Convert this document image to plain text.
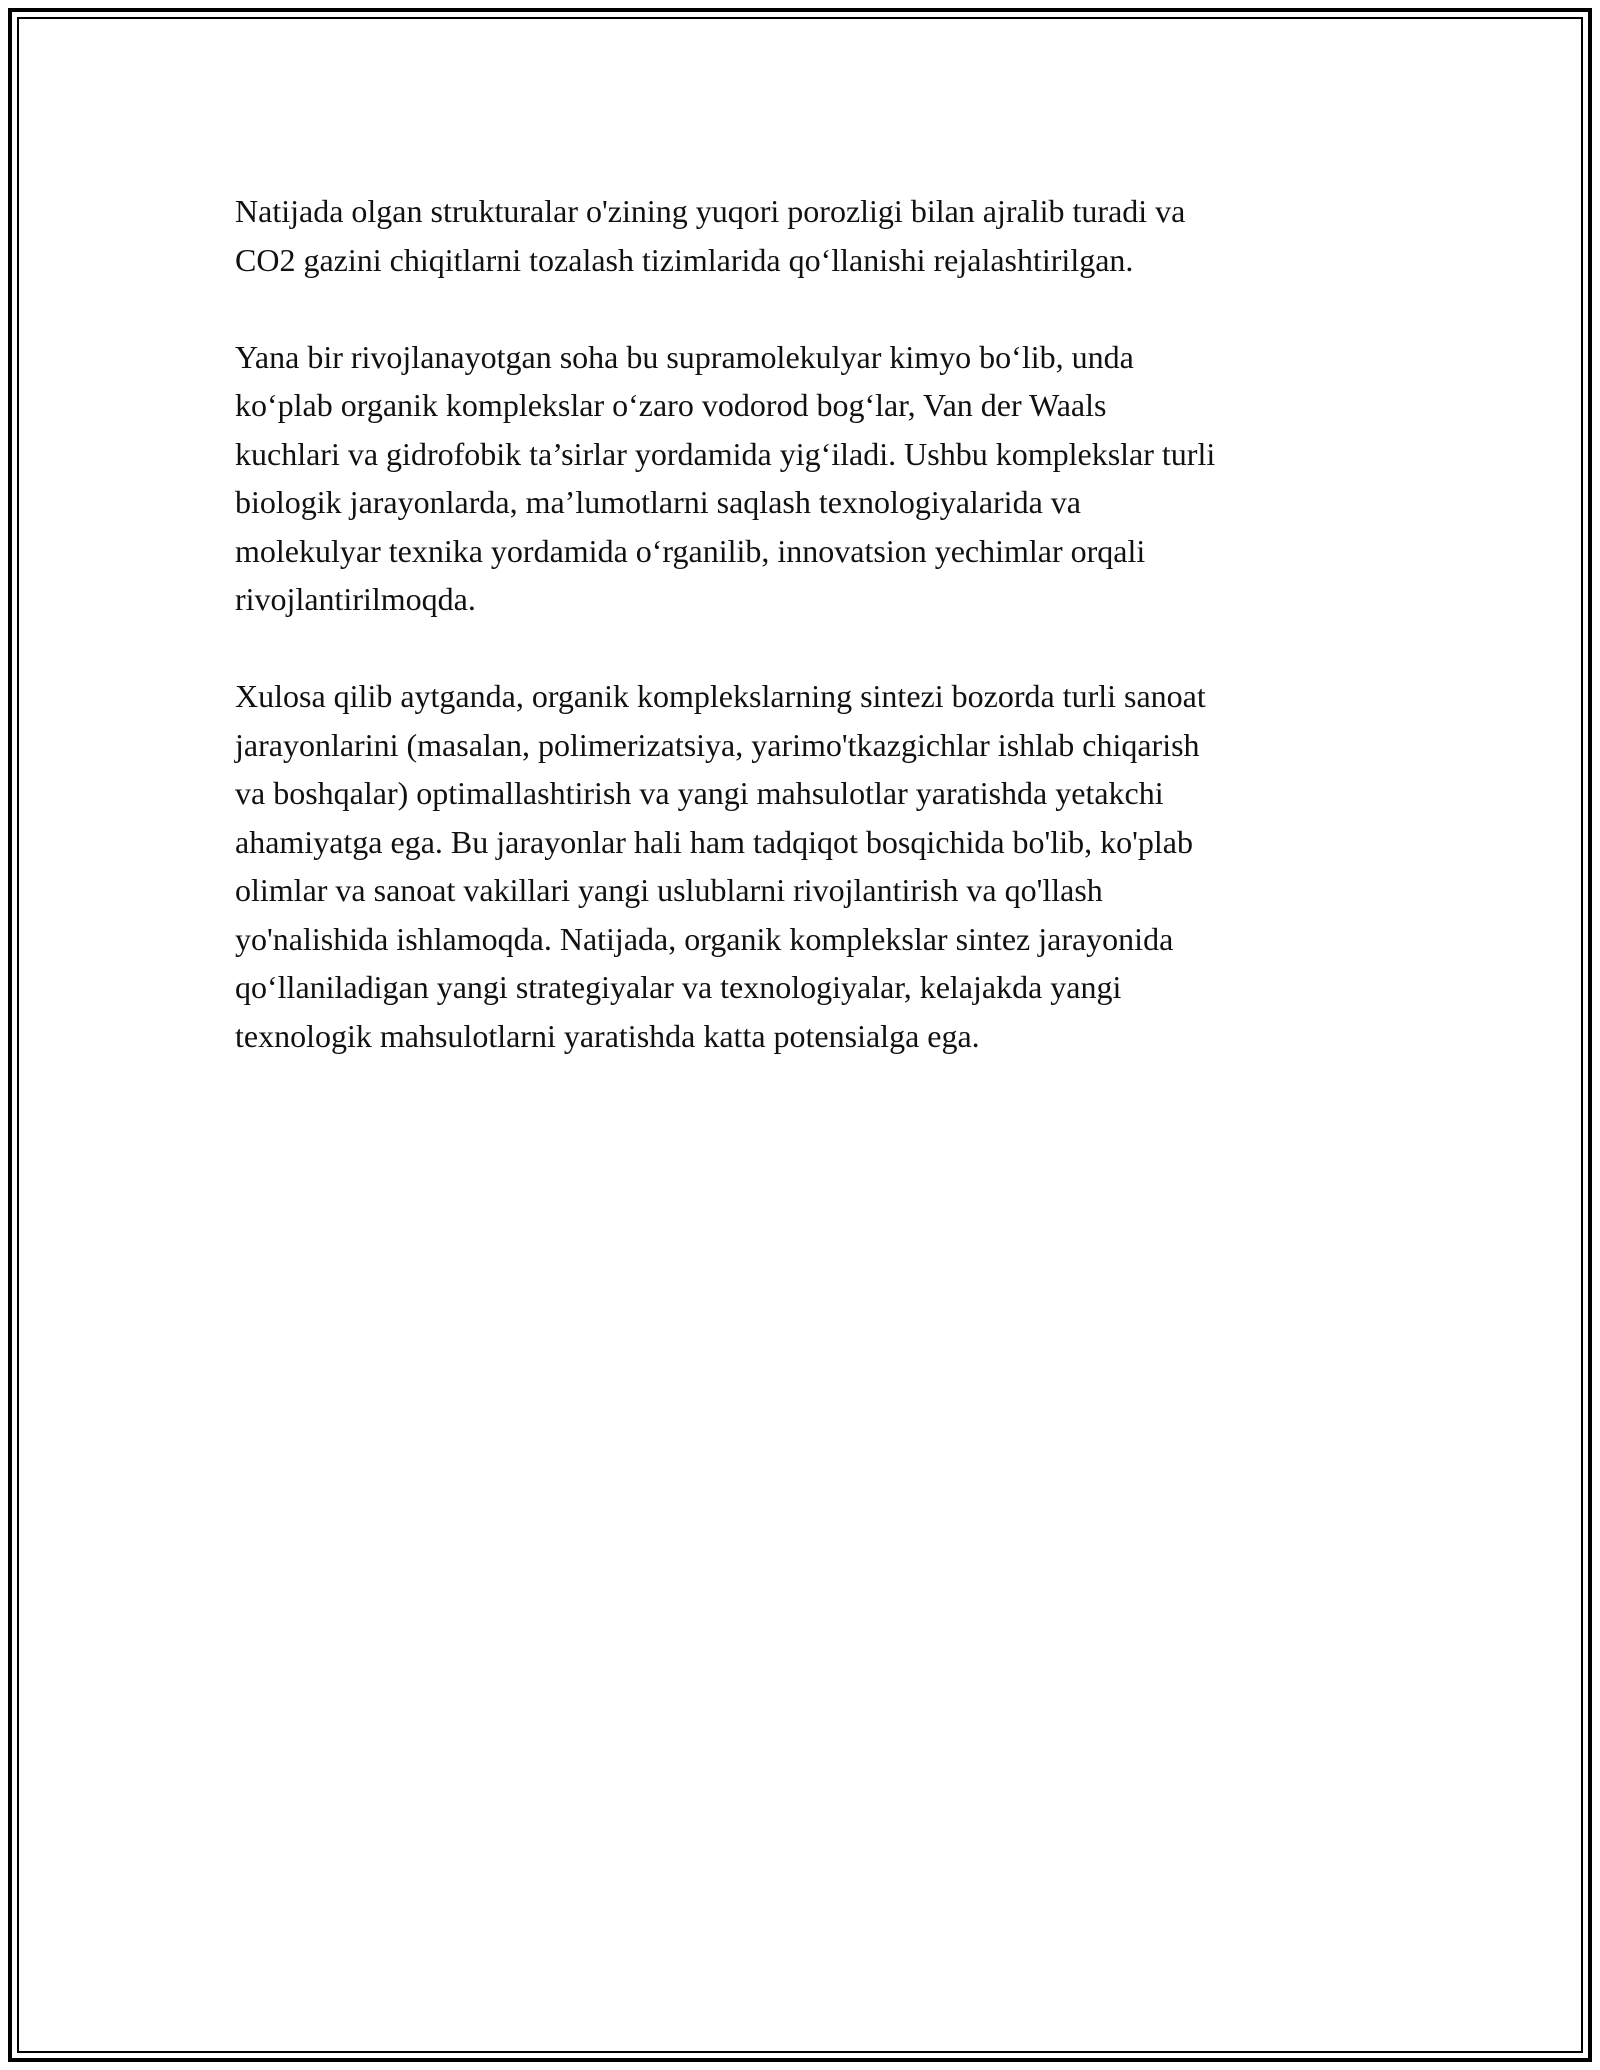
Natijada olgan strukturalar o'zining yuqori porozligi bilan ajralib turadi va
CO2 gazini chiqitlarni tozalash tizimlarida qo‘llanishi rejalashtirilgan.

Yana bir rivojlanayotgan soha bu supramolekulyar kimyo bo‘lib, unda
ko‘plab organik komplekslar o‘zaro vodorod bog‘lar, Van der Waals
kuchlari va gidrofobik ta’sirlar yordamida yig‘iladi. Ushbu komplekslar turli
biologik jarayonlarda, ma’lumotlarni saqlash texnologiyalarida va
molekulyar texnika yordamida o‘rganilib, innovatsion yechimlar orqali
rivojlantirilmoqda.

Xulosa qilib aytganda, organik komplekslarning sintezi bozorda turli sanoat
jarayonlarini (masalan, polimerizatsiya, yarimo'tkazgichlar ishlab chiqarish
va boshqalar) optimallashtirish va yangi mahsulotlar yaratishda yetakchi
ahamiyatga ega. Bu jarayonlar hali ham tadqiqot bosqichida bo'lib, ko'plab
olimlar va sanoat vakillari yangi uslublarni rivojlantirish va qo'llash
yo'nalishida ishlamoqda. Natijada, organik komplekslar sintez jarayonida
qo‘llaniladigan yangi strategiyalar va texnologiyalar, kelajakda yangi
texnologik mahsulotlarni yaratishda katta potensialga ega.
